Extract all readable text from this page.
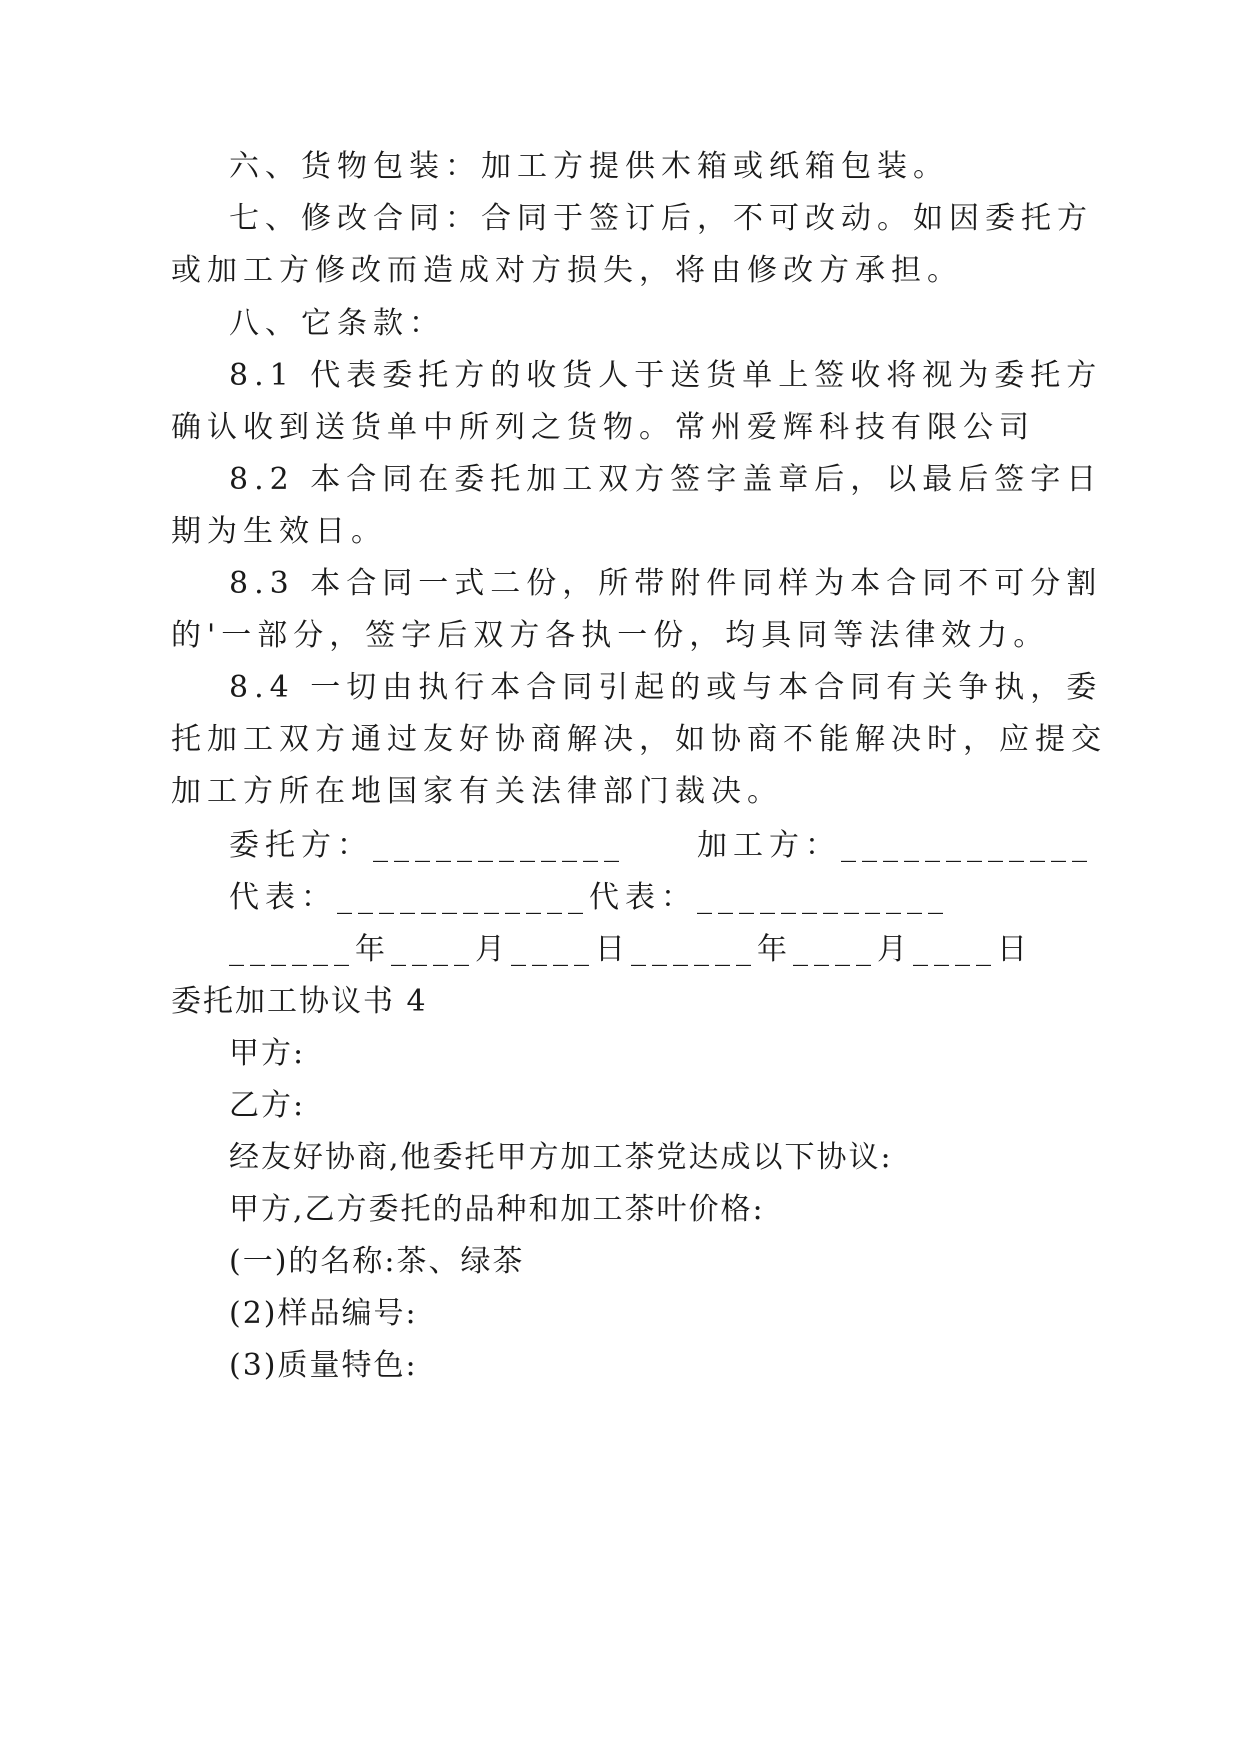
六、货物包装：加工方提供木箱或纸箱包装。
七、修改合同：合同于签订后，不可改动。如因委托方
或加工方修改而造成对方损失，将由修改方承担。
八、它条款：
8.1 代表委托方的收货人于送货单上签收将视为委托方
确认收到送货单中所列之货物。常州爱辉科技有限公司
8.2 本合同在委托加工双方签字盖章后，以最后签字日
期为生效日。
8.3 本合同一式二份，所带附件同样为本合同不可分割
的'一部分，签字后双方各执一份，均具同等法律效力。
8.4 一切由执行本合同引起的或与本合同有关争执，委
托加工双方通过友好协商解决，如协商不能解决时，应提交
加工方所在地国家有关法律部门裁决。
委托方：____________　　加工方：____________
代表：____________代表：____________
______年____月____日______年____月____日
委托加工协议书 4
甲方:
乙方:
经友好协商,他委托甲方加工茶党达成以下协议:
甲方,乙方委托的品种和加工茶叶价格:
(一)的名称:茶、绿茶
(2)样品编号:
(3)质量特色:
